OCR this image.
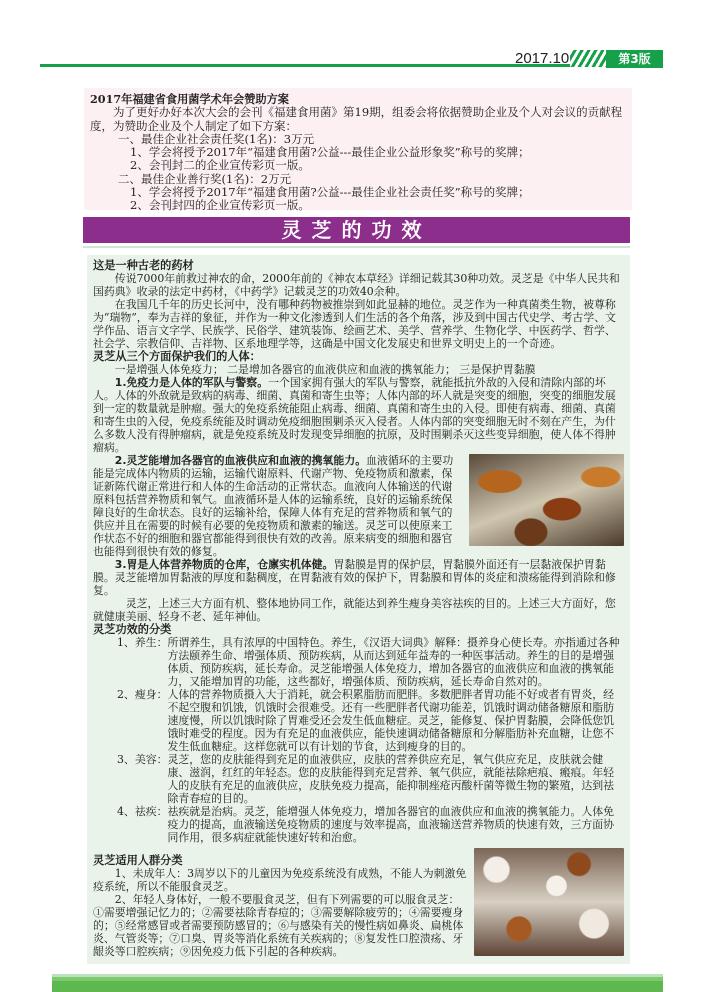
2017.10	第3版

2017年福建省食用菌学术年会赞助方案

为了更好办好本次大会的会刊《福建食用菌》第19期，组委会将依据赞助企业及个人对会议的贡献程度，为赞助企业及个人制定了如下方案：

一、最佳企业社会责任奖(1名)：3万元

1、学会将授予2017年“福建食用菌?公益---最佳企业公益形象奖”称号的奖牌；

2、会刊封二的企业宣传彩页一版。

二、最佳企业善行奖(1名)：2万元

1、学会将授予2017年“福建食用菌?公益---最佳企业社会责任奖”称号的奖牌；

2、会刊封四的企业宣传彩页一版。

灵芝的功效

这是一种古老的药材

传说7000年前救过神农的命，2000年前的《神农本草经》详细记载其30种功效。灵芝是《中华人民共和国药典》收录的法定中药材，《中药学》记载灵芝的功效40余种。

在我国几千年的历史长河中，没有哪种药物被推崇到如此显赫的地位。灵芝作为一种真菌类生物，被尊称为“瑞物”，奉为吉祥的象征，并作为一种文化渗透到人们生活的各个角落，涉及到中国古代史学、考古学、文学作品、语言文字学、民族学、民俗学、建筑装饰、绘画艺术、美学、营养学、生物化学、中医药学、哲学、社会学、宗教信仰、吉祥物、区系地理学等，这确是中国文化发展史和世界文明史上的一个奇迹。

灵芝从三个方面保护我们的人体：

一是增强人体免疫力； 二是增加各器官的血液供应和血液的携氧能力； 三是保护胃黏膜

1.免疫力是人体的军队与警察。一个国家拥有强大的军队与警察，就能抵抗外敌的入侵和清除内部的坏人。人体的外敌就是致病的病毒、细菌、真菌和寄生虫等；人体内部的坏人就是突变的细胞，突变的细胞发展到一定的数量就是肿瘤。强大的免疫系统能阻止病毒、细菌、真菌和寄生虫的入侵。即使有病毒、细菌、真菌和寄生虫的入侵，免疫系统能及时调动免疫细胞围剿杀灭入侵者。人体内部的突变细胞无时不刻在产生，为什么多数人没有得肿瘤病，就是免疫系统及时发现变异细胞的抗原，及时围剿杀灭这些变异细胞，使人体不得肿瘤病。

2.灵芝能增加各器官的血液供应和血液的携氧能力。
血液循环的主要功能是完成体内物质的运输，运输代谢原料、代谢产物、免疫物质和激素，保证新陈代谢正常进行和人体的生命活动的正常状态。血液向人体输送的代谢原料包括营养物质和氧气。血液循环是人体的运输系统，良好的运输系统保障良好的生命状态。良好的运输补给，保障人体有充足的营养物质和氧气的供应并且在需要的时候有必要的免疫物质和激素的输送。灵芝可以使原来工作状态不好的细胞和器官都能得到很快有效的改善。原来病变的细胞和器官也能得到很快有效的修复。

3.胃是人体营养物质的仓库，仓廪实机体健。胃黏膜是胃的保护层，胃黏膜外面还有一层黏液保护胃黏膜。灵芝能增加胃黏液的厚度和黏稠度，在胃黏液有效的保护下，胃黏膜和胃体的炎症和溃疡能得到消除和修复。

灵芝，上述三大方面有机、整体地协同工作，就能达到养生瘦身美容祛疾的目的。上述三大方面好，您就健康美丽、轻身不老、延年神仙。

灵芝功效的分类

1、养生： 所谓养生，具有浓厚的中国特色。养生，《汉语大词典》解释：摄养身心使长寿。亦指通过各种方法颐养生命、增强体质、预防疾病，从而达到延年益寿的一种医事活动。养生的目的是增强体质、预防疾病，延长寿命。灵芝能增强人体免疫力，增加各器官的血液供应和血液的携氧能力，又能增加胃的功能，这些都好，增强体质、预防疾病，延长寿命自然对的。
2、瘦身： 人体的营养物质摄入大于消耗，就会积累脂肪而肥胖。多数肥胖者胃功能不好或者有胃炎，经不起空腹和饥饿，饥饿时会很难受。还有一些肥胖者代谢功能差，饥饿时调动储备糖原和脂肪速度慢，所以饥饿时除了胃难受还会发生低血糖症。灵芝，能修复、保护胃黏膜，会降低您饥饿时难受的程度。因为有充足的血液供应，能快速调动储备糖原和分解脂肪补充血糖，让您不发生低血糖症。这样您就可以有计划的节食，达到瘦身的目的。
3、美容： 灵芝，您的皮肤能得到充足的血液供应，皮肤的营养供应充足，氧气供应充足，皮肤就会健康、滋润，红红的年轻态。您的皮肤能得到充足营养、氧气供应，就能祛除疤痕、瘢痕。年轻人的皮肤有充足的血液供应，皮肤免疫力提高，能抑制痤疮丙酸杆菌等微生物的繁殖，达到祛除青春痘的目的。
4、祛疾： 祛疾就是治病。灵芝，能增强人体免疫力，增加各器官的血液供应和血液的携氧能力。人体免疫力的提高，血液输送免疫物质的速度与效率提高，血液输送营养物质的快速有效，三方面协同作用，很多病症就能快速好转和治愈。

灵芝适用人群分类

1、未成年人：3周岁以下的儿童因为免疫系统没有成熟，不能人为刺激免疫系统，所以不能服食灵芝。

2、年轻人身体好，一般不要服食灵芝，但有下列需要的可以服食灵芝：

①需要增强记忆力的；②需要祛除青春痘的；③需要解除疲劳的；④需要瘦身的；⑤经常感冒或者需要预防感冒的；⑥与感染有关的慢性病如鼻炎、扁桃体炎、气管炎等；⑦口臭、胃炎等消化系统有关疾病的；⑧复发性口腔溃疡、牙龈炎等口腔疾病；⑨因免疫力低下引起的各种疾病。
